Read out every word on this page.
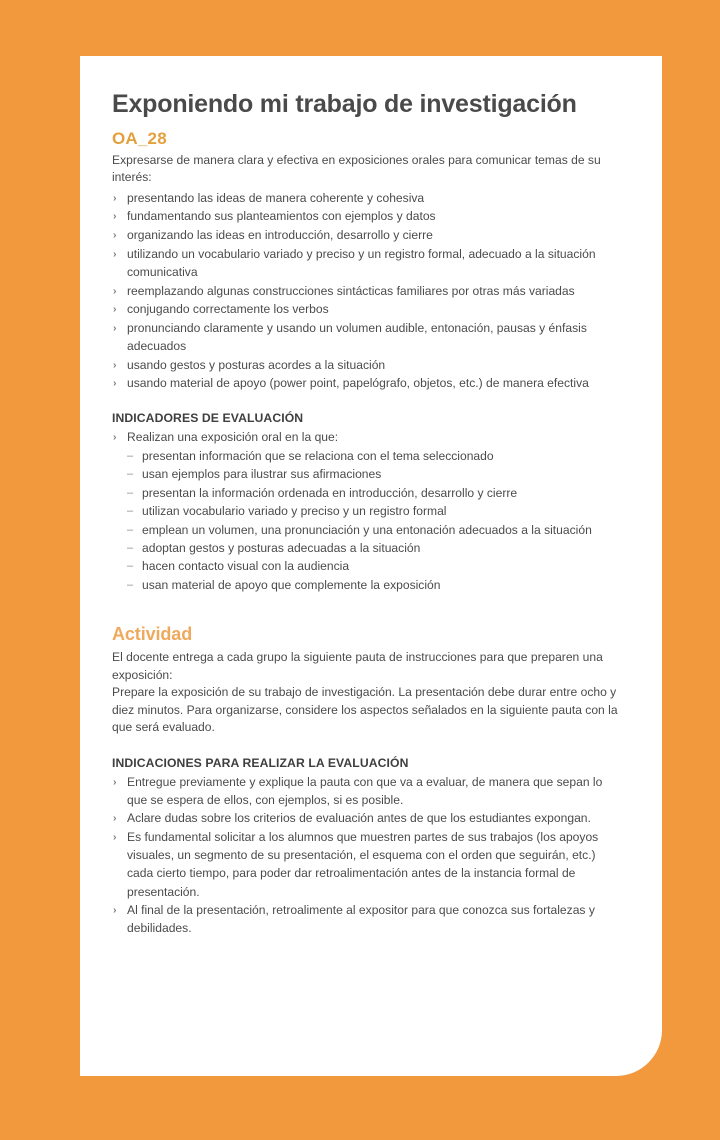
Exponiendo mi trabajo de investigación
OA_28

Expresarse de manera clara y efectiva en exposiciones orales para comunicar temas de su interés:

› presentando las ideas de manera coherente y cohesiva
› fundamentando sus planteamientos con ejemplos y datos
› organizando las ideas en introducción, desarrollo y cierre
› utilizando un vocabulario variado y preciso y un registro formal, adecuado a la situación comunicativa
› reemplazando algunas construcciones sintácticas familiares por otras más variadas
› conjugando correctamente los verbos
› pronunciando claramente y usando un volumen audible, entonación, pausas y énfasis adecuados
› usando gestos y posturas acordes a la situación
› usando material de apoyo (power point, papelógrafo, objetos, etc.) de manera efectiva
INDICADORES DE EVALUACIÓN
› Realizan una exposición oral en la que:
– presentan información que se relaciona con el tema seleccionado
– usan ejemplos para ilustrar sus afirmaciones
– presentan la información ordenada en introducción, desarrollo y cierre
– utilizan vocabulario variado y preciso y un registro formal
– emplean un volumen, una pronunciación y una entonación adecuados a la situación
– adoptan gestos y posturas adecuadas a la situación
– hacen contacto visual con la audiencia
– usan material de apoyo que complemente la exposición
Actividad

El docente entrega a cada grupo la siguiente pauta de instrucciones para que preparen una exposición:

Prepare la exposición de su trabajo de investigación. La presentación debe durar entre ocho y diez minutos. Para organizarse, considere los aspectos señalados en la siguiente pauta con la que será evaluado.

INDICACIONES PARA REALIZAR LA EVALUACIÓN
› Entregue previamente y explique la pauta con que va a evaluar, de manera que sepan lo que se espera de ellos, con ejemplos, si es posible.
› Aclare dudas sobre los criterios de evaluación antes de que los estudiantes expongan.
› Es fundamental solicitar a los alumnos que muestren partes de sus trabajos (los apoyos visuales, un segmento de su presentación, el esquema con el orden que seguirán, etc.) cada cierto tiempo, para poder dar retroalimentación antes de la instancia formal de presentación.
› Al final de la presentación, retroalimente al expositor para que conozca sus fortalezas y debilidades.
